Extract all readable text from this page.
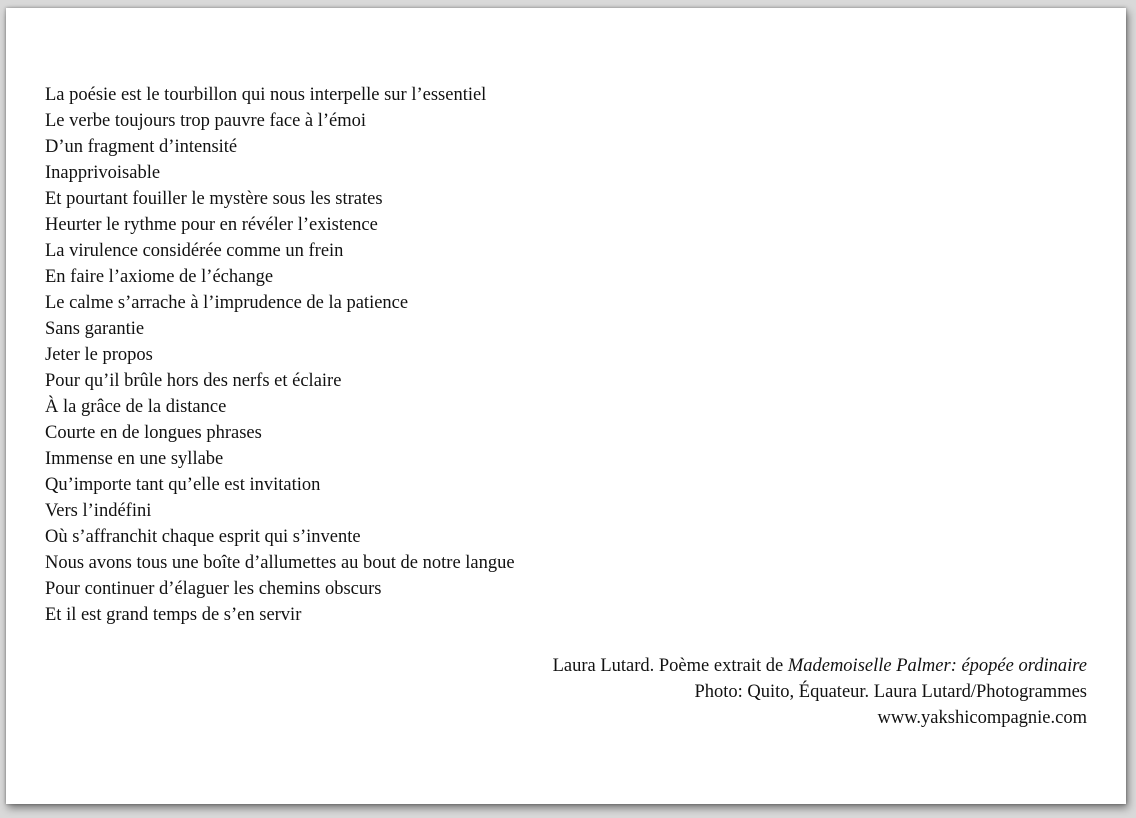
La poésie est le tourbillon qui nous interpelle sur l’essentiel
Le verbe toujours trop pauvre face à l’émoi
D’un fragment d’intensité
Inapprivoisable
Et pourtant fouiller le mystère sous les strates
Heurter le rythme pour en révéler l’existence
La virulence considérée comme un frein
En faire l’axiome de l’échange
Le calme s’arrache à l’imprudence de la patience
Sans garantie
Jeter le propos
Pour qu’il brûle hors des nerfs et éclaire
À la grâce de la distance
Courte en de longues phrases
Immense en une syllabe
Qu’importe tant qu’elle est invitation
Vers l’indéfini
Où s’affranchit chaque esprit qui s’invente
Nous avons tous une boîte d’allumettes au bout de notre langue
Pour continuer d’élaguer les chemins obscurs
Et il est grand temps de s’en servir
Laura Lutard. Poème extrait de Mademoiselle Palmer: épopée ordinaire
Photo: Quito, Équateur. Laura Lutard/Photogrammes
www.yakshicompagnie.com
